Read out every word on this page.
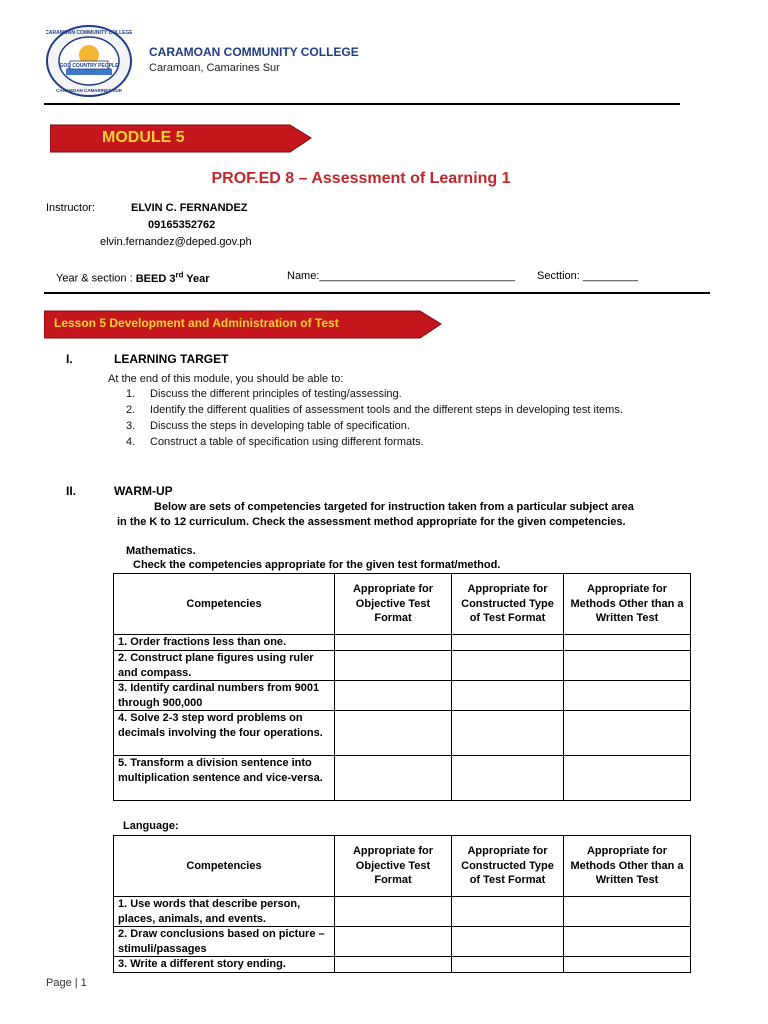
GOD COUNTRY PEOPLE
CARAMOAN COMMUNITY COLLEGE
CARAMOAN CAMARINES SUR
CARAMOAN COMMUNITY COLLEGE
Caramoan, Camarines Sur
MODULE 5
PROF.ED 8 – Assessment of Learning 1
Instructor:	ELVIN C. FERNANDEZ
09165352762
elvin.fernandez@deped.gov.ph
Year & section : BEED 3rd Year	Name:________________________________ Secttion: _________
Lesson 5 Development and Administration of Test
I.	LEARNING TARGET
At the end of this module, you should be able to:
1. Discuss the different principles of testing/assessing.
2. Identify the different qualities of assessment tools and the different steps in developing test items.
3. Discuss the steps in developing table of specification.
4. Construct a table of specification using different formats.
II.	WARM-UP
Below are sets of competencies targeted for instruction taken from a particular subject area
in the K to 12 curriculum. Check the assessment method appropriate for the given competencies.
Mathematics.
Check the competencies appropriate for the given test format/method.
Competencies	Appropriate for Objective Test Format	Appropriate for Constructed Type of Test Format	Appropriate for Methods Other than a Written Test
1. Order fractions less than one.			
2. Construct plane figures using ruler and compass.			
3. Identify cardinal numbers from 9001 through 900,000			
4. Solve 2-3 step word problems on decimals involving the four operations.			
5. Transform a division sentence into multiplication sentence and vice-versa.			
Language:
Competencies	Appropriate for Objective Test Format	Appropriate for Constructed Type of Test Format	Appropriate for Methods Other than a Written Test
1. Use words that describe person, places, animals, and events.			
2. Draw conclusions based on picture –stimuli/passages			
3. Write a different story ending.			
Page | 1
